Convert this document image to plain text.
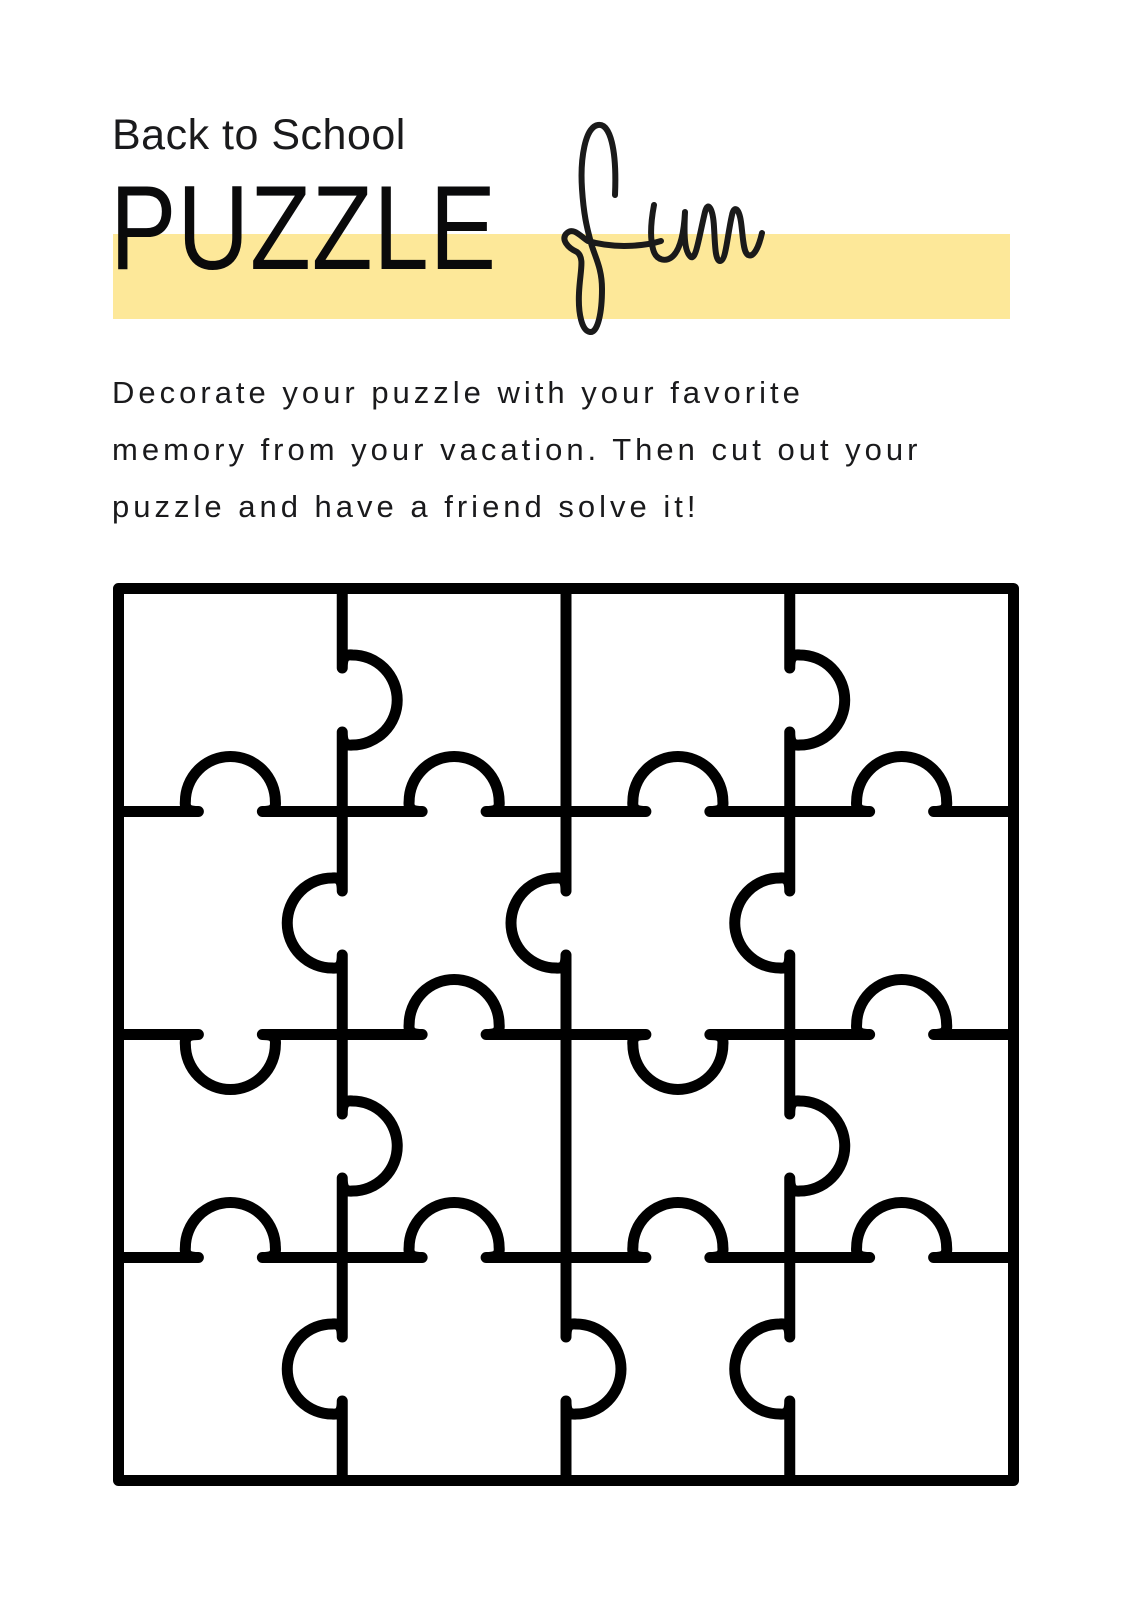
Back to School
PUZZLE
Decorate your puzzle with your favorite
memory from your vacation. Then cut out your
puzzle and have a friend solve it!
